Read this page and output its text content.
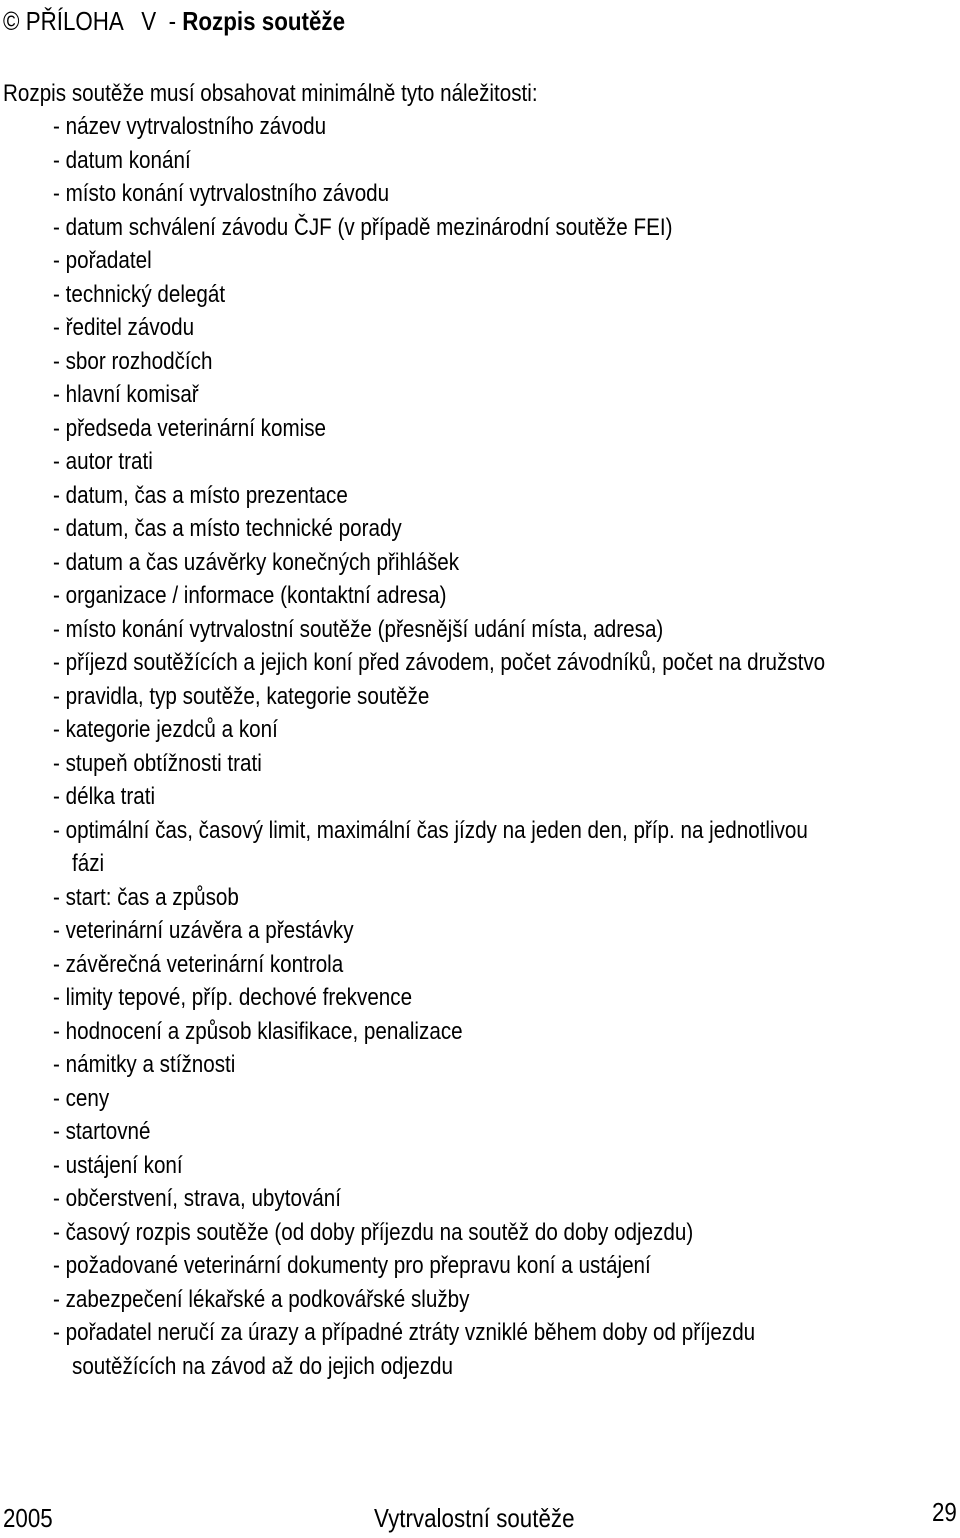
© PŘÍLOHA   V  - Rozpis soutěže
Rozpis soutěže musí obsahovat minimálně tyto náležitosti:
- název vytrvalostního závodu
- datum konání
- místo konání vytrvalostního závodu
- datum schválení závodu ČJF (v případě mezinárodní soutěže FEI)
- pořadatel
- technický delegát
- ředitel závodu
- sbor rozhodčích
- hlavní komisař
- předseda veterinární komise
- autor trati
- datum, čas a místo prezentace
- datum, čas a místo technické porady
- datum a čas uzávěrky konečných přihlášek
- organizace / informace (kontaktní adresa)
- místo konání vytrvalostní soutěže (přesnější udání místa, adresa)
- příjezd soutěžících a jejich koní před závodem, počet závodníků, počet na družstvo
- pravidla, typ soutěže, kategorie soutěže
- kategorie jezdců a koní
- stupeň obtížnosti trati
- délka trati
- optimální čas, časový limit, maximální čas jízdy na jeden den, příp. na jednotlivou
fázi
- start: čas a způsob
- veterinární uzávěra a přestávky
- závěrečná veterinární kontrola
- limity tepové, příp. dechové frekvence
- hodnocení a způsob klasifikace, penalizace
- námitky a stížnosti
- ceny
- startovné
- ustájení koní
- občerstvení, strava, ubytování
- časový rozpis soutěže (od doby příjezdu na soutěž do doby odjezdu)
- požadované veterinární dokumenty pro přepravu koní a ustájení
- zabezpečení lékařské a podkovářské služby
- pořadatel neručí za úrazy a případné ztráty vzniklé během doby od příjezdu
soutěžících na závod až do jejich odjezdu
2005	Vytrvalostní soutěže	29
